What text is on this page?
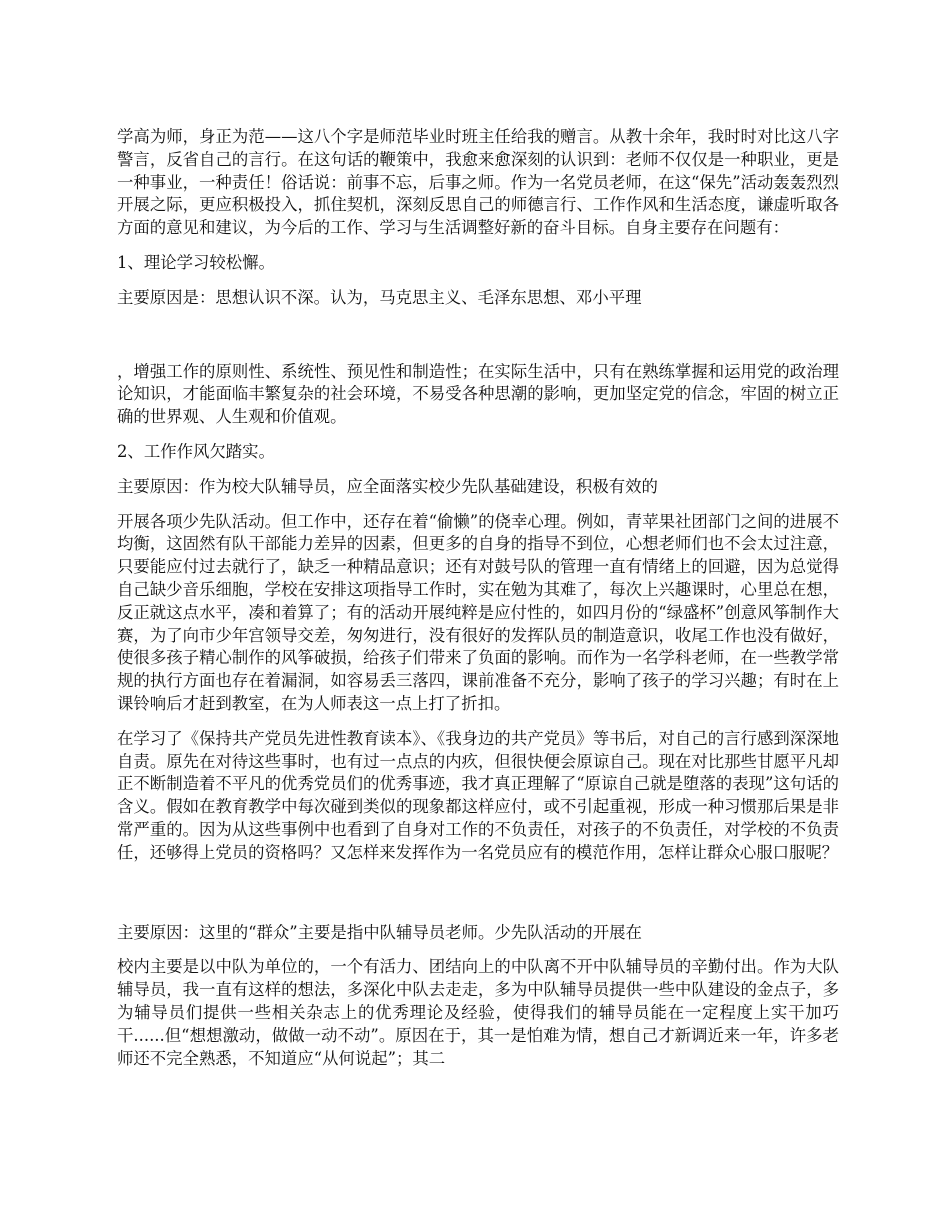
学高为师，身正为范——这八个字是师范毕业时班主任给我的赠言。从教十余年，我时时对比这八字警言，反省自己的言行。在这句话的鞭策中，我愈来愈深刻的认识到：老师不仅仅是一种职业，更是一种事业，一种责任！俗话说：前事不忘，后事之师。作为一名党员老师，在这“保先”活动轰轰烈烈开展之际，更应积极投入，抓住契机，深刻反思自己的师德言行、工作作风和生活态度，谦虚听取各方面的意见和建议，为今后的工作、学习与生活调整好新的奋斗目标。自身主要存在问题有：

1、理论学习较松懈。

主要原因是：思想认识不深。认为，马克思主义、毛泽东思想、邓小平理

，增强工作的原则性、系统性、预见性和制造性；在实际生活中，只有在熟练掌握和运用党的政治理论知识，才能面临丰繁复杂的社会环境，不易受各种思潮的影响，更加坚定党的信念，牢固的树立正确的世界观、人生观和价值观。

2、工作作风欠踏实。

主要原因：作为校大队辅导员，应全面落实校少先队基础建设，积极有效的

开展各项少先队活动。但工作中，还存在着“偷懒”的侥幸心理。例如，青苹果社团部门之间的进展不均衡，这固然有队干部能力差异的因素，但更多的自身的指导不到位，心想老师们也不会太过注意，只要能应付过去就行了，缺乏一种精品意识；还有对鼓号队的管理一直有情绪上的回避，因为总觉得自己缺少音乐细胞，学校在安排这项指导工作时，实在勉为其难了，每次上兴趣课时，心里总在想，反正就这点水平，凑和着算了；有的活动开展纯粹是应付性的，如四月份的“绿盛杯”创意风筝制作大赛，为了向市少年宫领导交差，匆匆进行，没有很好的发挥队员的制造意识，收尾工作也没有做好，使很多孩子精心制作的风筝破损，给孩子们带来了负面的影响。而作为一名学科老师，在一些教学常规的执行方面也存在着漏洞，如容易丢三落四，课前准备不充分，影响了孩子的学习兴趣；有时在上课铃响后才赶到教室，在为人师表这一点上打了折扣。

在学习了《保持共产党员先进性教育读本》、《我身边的共产党员》等书后，对自己的言行感到深深地自责。原先在对待这些事时，也有过一点点的内疚，但很快便会原谅自己。现在对比那些甘愿平凡却正不断制造着不平凡的优秀党员们的优秀事迹，我才真正理解了“原谅自己就是堕落的表现”这句话的含义。假如在教育教学中每次碰到类似的现象都这样应付，或不引起重视，形成一种习惯那后果是非常严重的。因为从这些事例中也看到了自身对工作的不负责任，对孩子的不负责任，对学校的不负责任，还够得上党员的资格吗？又怎样来发挥作为一名党员应有的模范作用，怎样让群众心服口服呢？

主要原因：这里的“群众”主要是指中队辅导员老师。少先队活动的开展在

校内主要是以中队为单位的，一个有活力、团结向上的中队离不开中队辅导员的辛勤付出。作为大队辅导员，我一直有这样的想法，多深化中队去走走，多为中队辅导员提供一些中队建设的金点子，多为辅导员们提供一些相关杂志上的优秀理论及经验，使得我们的辅导员能在一定程度上实干加巧干......但“想想激动，做做一动不动”。原因在于，其一是怕难为情，想自己才新调近来一年，许多老师还不完全熟悉，不知道应“从何说起”；其二
